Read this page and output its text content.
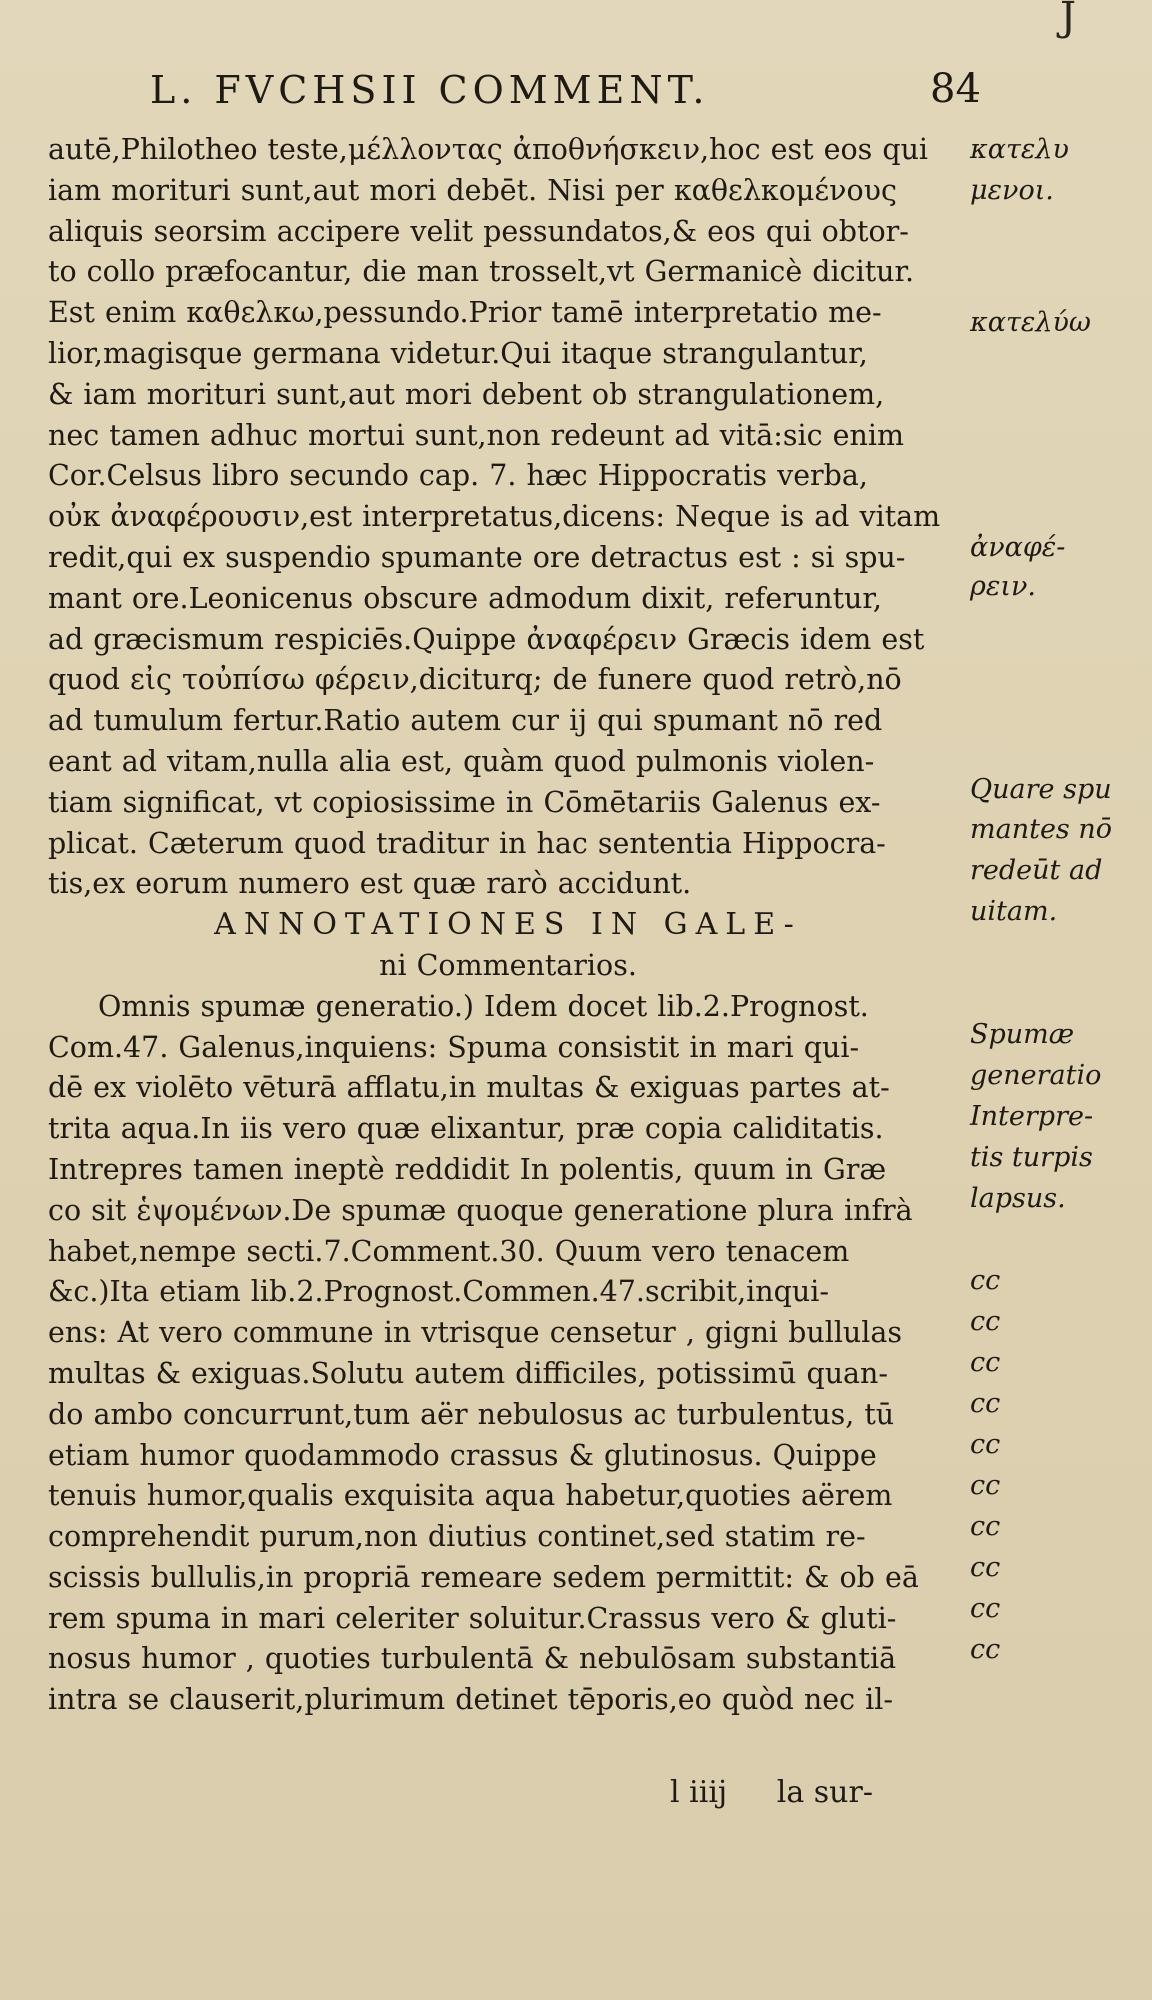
J
L. FVCHSII COMMENT.	84
autē,Philotheo teste,μέλλοντας ἀποθνήσκειν,hoc est eos qui
iam morituri sunt,aut mori debēt. Nisi per καθελκομένους
aliquis seorsim accipere velit pessundatos,& eos qui obtor-
to collo præfocantur, die man trosselt,vt Germanicè dicitur.
Est enim καθελκω,pessundo.Prior tamē interpretatio me-
lior,magisque germana videtur.Qui itaque strangulantur,
& iam morituri sunt,aut mori debent ob strangulationem,
nec tamen adhuc mortui sunt,non redeunt ad vitā:sic enim
Cor.Celsus libro secundo cap. 7. hæc Hippocratis verba,
οὐκ ἀναφέρουσιν,est interpretatus,dicens: Neque is ad vitam
redit,qui ex suspendio spumante ore detractus est : si spu-
mant ore.Leonicenus obscure admodum dixit, referuntur,
ad græcismum respiciēs.Quippe ἀναφέρειν Græcis idem est
quod εἰς τοὐπίσω φέρειν,diciturq; de funere quod retrò,nō
ad tumulum fertur.Ratio autem cur ij qui spumant nō red
eant ad vitam,nulla alia est, quàm quod pulmonis violen-
tiam significat, vt copiosissime in Cōmētariis Galenus ex-
plicat. Cæterum quod traditur in hac sententia Hippocra-
tis,ex eorum numero est quæ rarò accidunt.
ANNOTATIONES IN GALE-
ni Commentarios.
Omnis spumæ generatio.) Idem docet lib.2.Prognost.
Com.47. Galenus,inquiens: Spuma consistit in mari qui-
dē ex violēto vēturā afflatu,in multas & exiguas partes at-
trita aqua.In iis vero quæ elixantur, præ copia caliditatis.
Intrepres tamen ineptè reddidit In polentis, quum in Græ
co sit ἑψομένων.De spumæ quoque generatione plura infrà
habet,nempe secti.7.Comment.30. Quum vero tenacem
&c.)Ita etiam lib.2.Prognost.Commen.47.scribit,inqui-
ens: At vero commune in vtrisque censetur , gigni bullulas
multas & exiguas.Solutu autem difficiles, potissimū quan-
do ambo concurrunt,tum aër nebulosus ac turbulentus, tū
etiam humor quodammodo crassus & glutinosus. Quippe
tenuis humor,qualis exquisita aqua habetur,quoties aërem
comprehendit purum,non diutius continet,sed statim re-
scissis bullulis,in propriā remeare sedem permittit: & ob eā
rem spuma in mari celeriter soluitur.Crassus vero & gluti-
nosus humor , quoties turbulentā & nebulōsam substantiā
intra se clauserit,plurimum detinet tēporis,eo quòd nec il-
κατελυ
μενοι.
κατελύω
ἀναφέ-
ρειν.
Quare spu
mantes nō
redeūt ad
uitam.
Spumæ
generatio
Interpre-
tis turpis
lapsus.
cc
cc
cc
cc
cc
cc
cc
cc
cc
cc
l iiij la sur-
